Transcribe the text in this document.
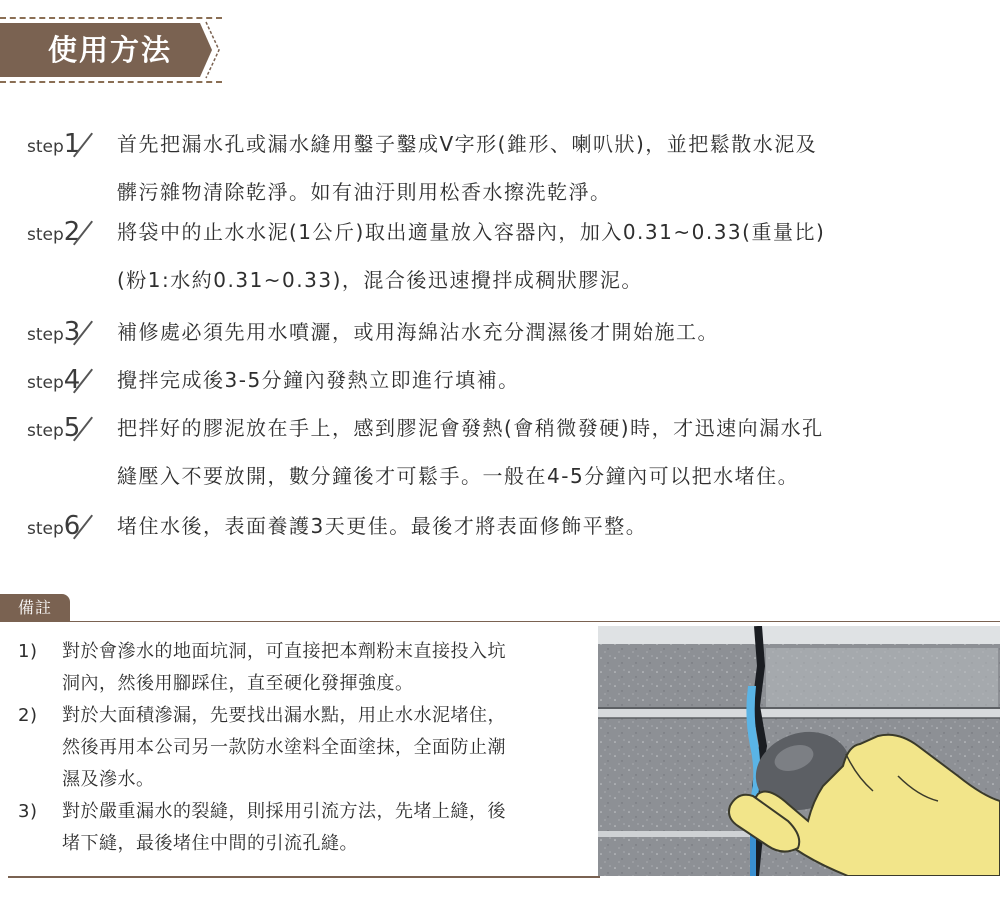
使用方法
step1 首先把漏水孔或漏水縫用鑿子鑿成V字形(錐形、喇叭狀)，並把鬆散水泥及
髒污雜物清除乾淨。如有油汙則用松香水擦洗乾淨。
step2 將袋中的止水水泥(1公斤)取出適量放入容器內，加入0.31~0.33(重量比)
(粉1:水約0.31~0.33)，混合後迅速攪拌成稠狀膠泥。
step3 補修處必須先用水噴灑，或用海綿沾水充分潤濕後才開始施工。
step4 攪拌完成後3-5分鐘內發熱立即進行填補。
step5 把拌好的膠泥放在手上，感到膠泥會發熱(會稍微發硬)時，才迅速向漏水孔
縫壓入不要放開，數分鐘後才可鬆手。一般在4-5分鐘內可以把水堵住。
step6 堵住水後，表面養護3天更佳。最後才將表面修飾平整。
備註
1)	對於會滲水的地面坑洞，可直接把本劑粉末直接投入坑
洞內，然後用腳踩住，直至硬化發揮強度。
2)	對於大面積滲漏，先要找出漏水點，用止水水泥堵住，
然後再用本公司另一款防水塗料全面塗抹，全面防止潮
濕及滲水。
3)	對於嚴重漏水的裂縫，則採用引流方法，先堵上縫，後
堵下縫，最後堵住中間的引流孔縫。
